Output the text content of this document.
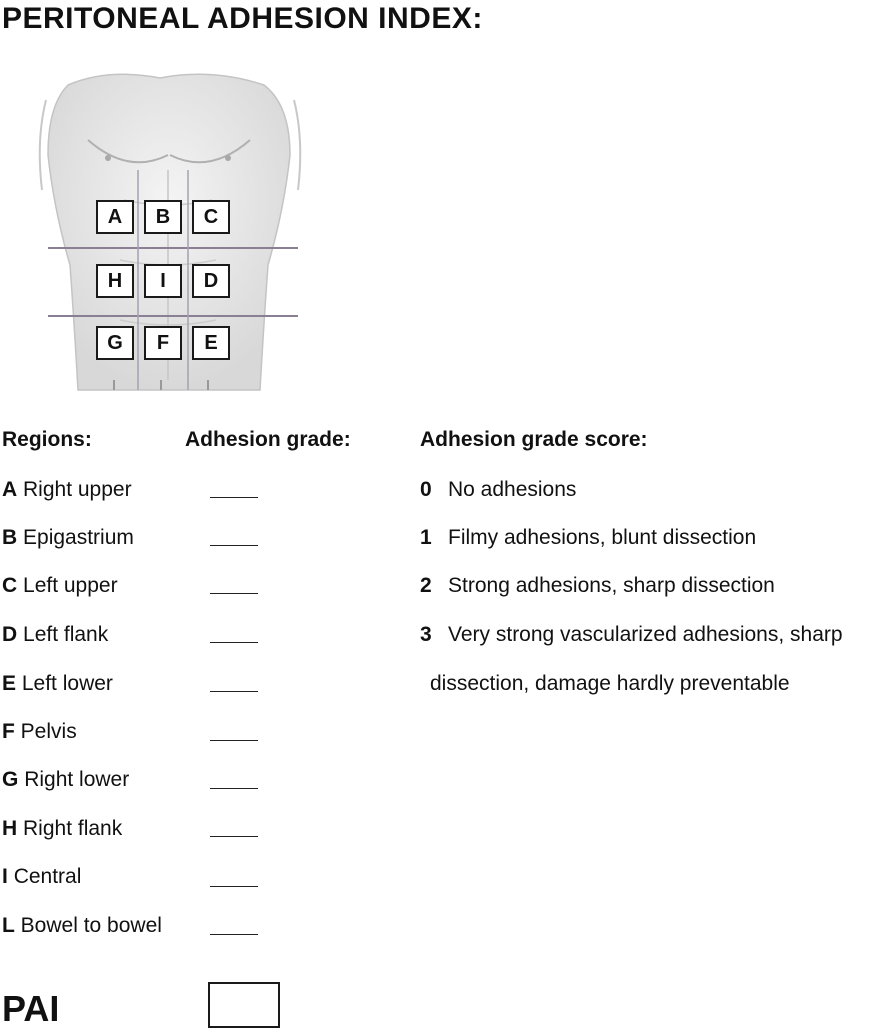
PERITONEAL ADHESION INDEX:
A	B	C
H	I	D
G	F	E
Regions:	Adhesion grade:	Adhesion grade score:
A Right upper
B Epigastrium
C Left upper
D Left flank
E Left lower
F Pelvis
G Right lower
H Right flank
I Central
L Bowel to bowel
0 No adhesions
1 Filmy adhesions, blunt dissection
2 Strong adhesions, sharp dissection
3 Very strong vascularized adhesions, sharp
dissection, damage hardly preventable
PAI
